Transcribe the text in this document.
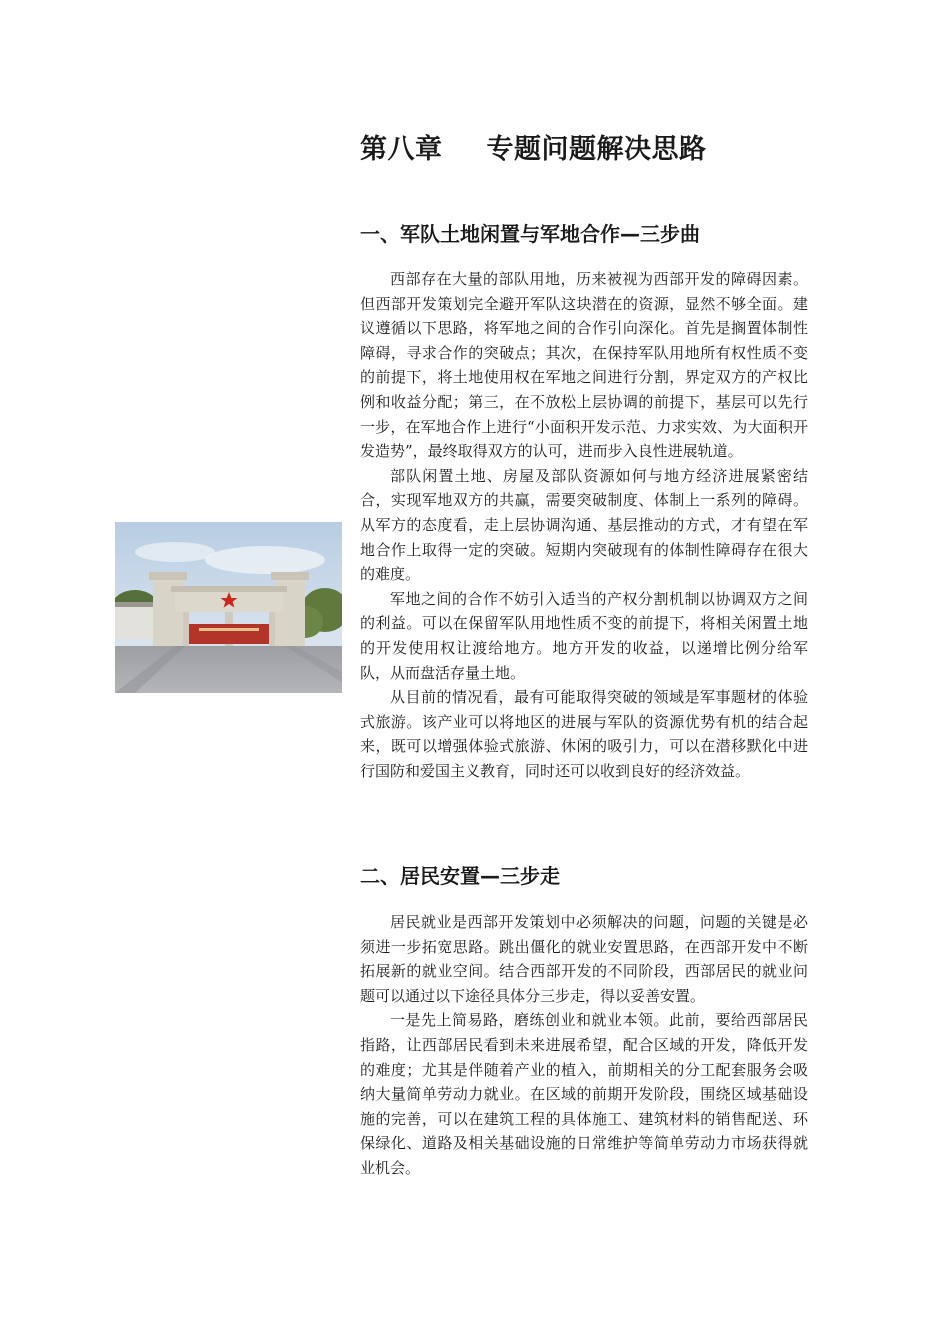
第八章 专题问题解决思路
一、军队土地闲置与军地合作—三步曲

西部存在大量的部队用地，历来被视为西部开发的障碍因素。但西部开发策划完全避开军队这块潜在的资源，显然不够全面。建议遵循以下思路，将军地之间的合作引向深化。首先是搁置体制性障碍，寻求合作的突破点；其次，在保持军队用地所有权性质不变的前提下，将土地使用权在军地之间进行分割，界定双方的产权比例和收益分配；第三，在不放松上层协调的前提下，基层可以先行一步，在军地合作上进行“小面积开发示范、力求实效、为大面积开发造势”，最终取得双方的认可，进而步入良性进展轨道。

部队闲置土地、房屋及部队资源如何与地方经济进展紧密结合，实现军地双方的共赢，需要突破制度、体制上一系列的障碍。从军方的态度看，走上层协调沟通、基层推动的方式，才有望在军地合作上取得一定的突破。短期内突破现有的体制性障碍存在很大的难度。

军地之间的合作不妨引入适当的产权分割机制以协调双方之间的利益。可以在保留军队用地性质不变的前提下，将相关闲置土地的开发使用权让渡给地方。地方开发的收益，以递增比例分给军队，从而盘活存量土地。

从目前的情况看，最有可能取得突破的领域是军事题材的体验式旅游。该产业可以将地区的进展与军队的资源优势有机的结合起来，既可以增强体验式旅游、休闲的吸引力，可以在潜移默化中进行国防和爱国主义教育，同时还可以收到良好的经济效益。

二、居民安置—三步走

居民就业是西部开发策划中必须解决的问题，问题的关键是必须进一步拓宽思路。跳出僵化的就业安置思路，在西部开发中不断拓展新的就业空间。结合西部开发的不同阶段，西部居民的就业问题可以通过以下途径具体分三步走，得以妥善安置。

一是先上简易路，磨练创业和就业本领。此前，要给西部居民指路，让西部居民看到未来进展希望，配合区域的开发，降低开发的难度；尤其是伴随着产业的植入，前期相关的分工配套服务会吸纳大量简单劳动力就业。在区域的前期开发阶段，围绕区域基础设施的完善，可以在建筑工程的具体施工、建筑材料的销售配送、环保绿化、道路及相关基础设施的日常维护等简单劳动力市场获得就业机会。
